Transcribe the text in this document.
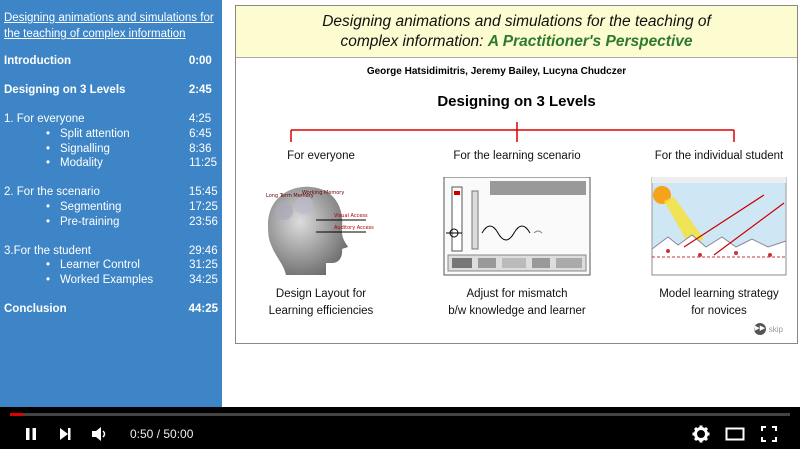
Designing animations and simulations for the teaching of complex information
Introduction	0:00
Designing on 3 Levels	2:45
1. For everyone	4:25
• Split attention	6:45
• Signalling	8:36
• Modality	11:25
2. For the scenario	15:45
• Segmenting	17:25
• Pre-training	23:56
3.For the student	29:46
• Learner Control	31:25
• Worked Examples	34:25
Conclusion	44:25
Designing animations and simulations for the teaching of
complex information: A Practitioner's Perspective
George Hatsidimitris, Jeremy Bailey, Lucyna Chudczer
Designing on 3 Levels
For everyone
Long Term Memory
Working Memory
Visual Access
Auditory Access
Design Layout for
Learning efficiencies
For the learning scenario
Adjust for mismatch
b/w knowledge and learner
For the individual student
Model learning strategy
for novices
▶▶ skip
0:50 / 50:00
